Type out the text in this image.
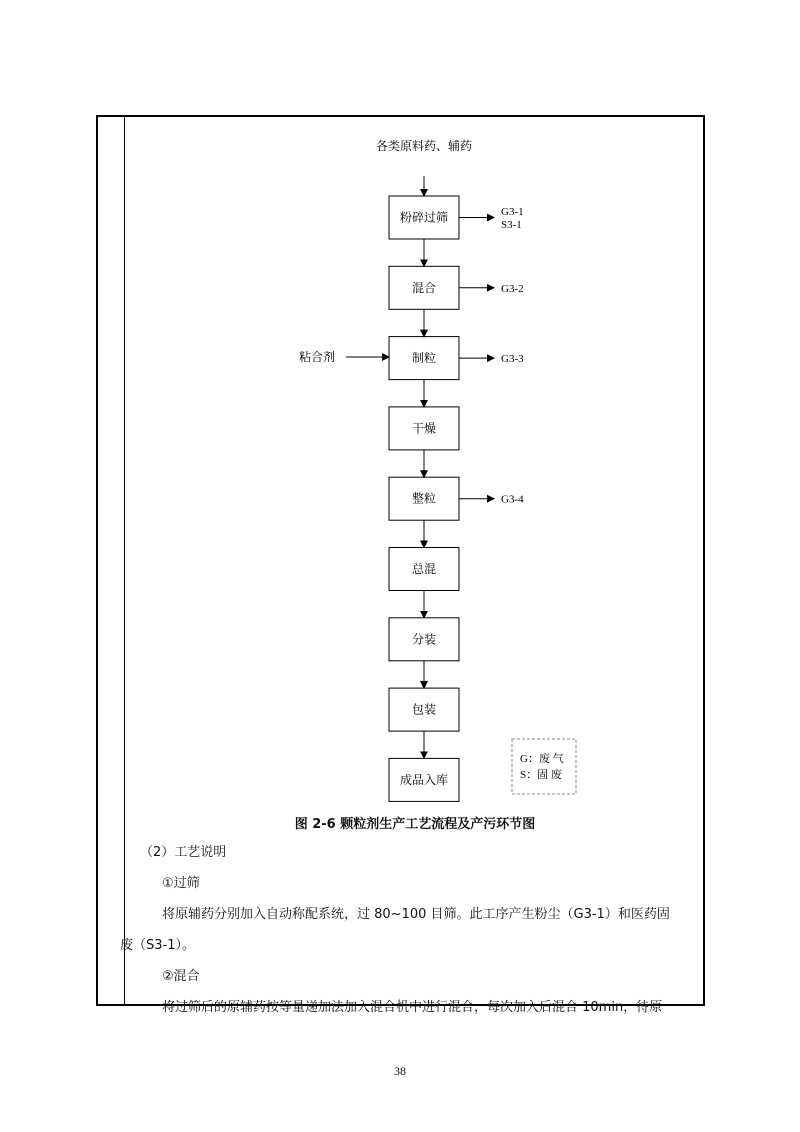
各类原料药、辅药
粉碎过筛	G3-1
S3-1
混合	G3-2
制粒	G3-3
干燥
整粒	G3-4
总混
分装
包装
成品入库
粘合剂
G：废 气
S：固 废
图 2-6 颗粒剂生产工艺流程及产污环节图
（2）工艺说明
①过筛
将原辅药分别加入自动称配系统，过 80~100 目筛。此工序产生粉尘（G3-1）和医药固
废（S3-1）。
②混合
将过筛后的原辅药按等量递加法加入混合机中进行混合，每次加入后混合 10min，待原
38
